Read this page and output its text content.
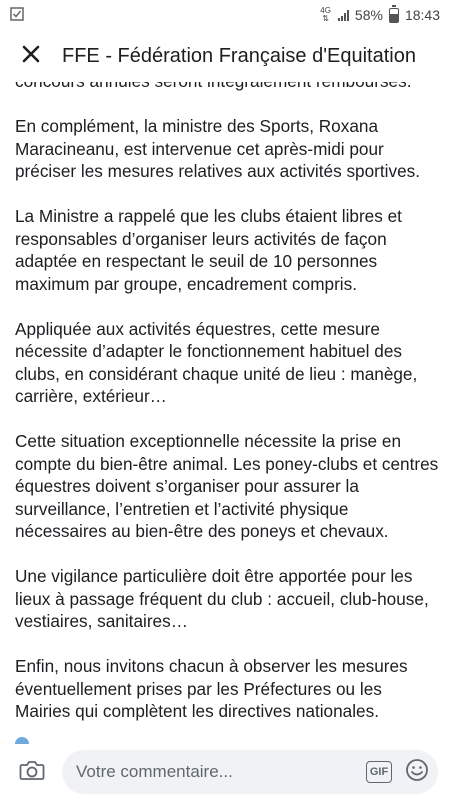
4G
⇅ 58% 18:43
FFE - Fédération Française d'Equitation

En complément, la ministre des Sports, Roxana Maracineanu, est intervenue cet après-midi pour préciser les mesures relatives aux activités sportives.

La Ministre a rappelé que les clubs étaient libres et responsables d’organiser leurs activités de façon adaptée en respectant le seuil de 10 personnes maximum par groupe, encadrement compris.

Appliquée aux activités équestres, cette mesure nécessite d’adapter le fonctionnement habituel des clubs, en considérant chaque unité de lieu : manège, carrière, extérieur…

Cette situation exceptionnelle nécessite la prise en compte du bien-être animal. Les poney-clubs et centres équestres doivent s’organiser pour assurer la surveillance, l’entretien et l’activité physique nécessaires au bien-être des poneys et chevaux.

Une vigilance particulière doit être apportée pour les lieux à passage fréquent du club : accueil, club-house, vestiaires, sanitaires…

Enfin, nous invitons chacun à observer les mesures éventuellement prises par les Préfectures ou les Mairies qui complètent les directives nationales.

Votre commentaire...
GIF
